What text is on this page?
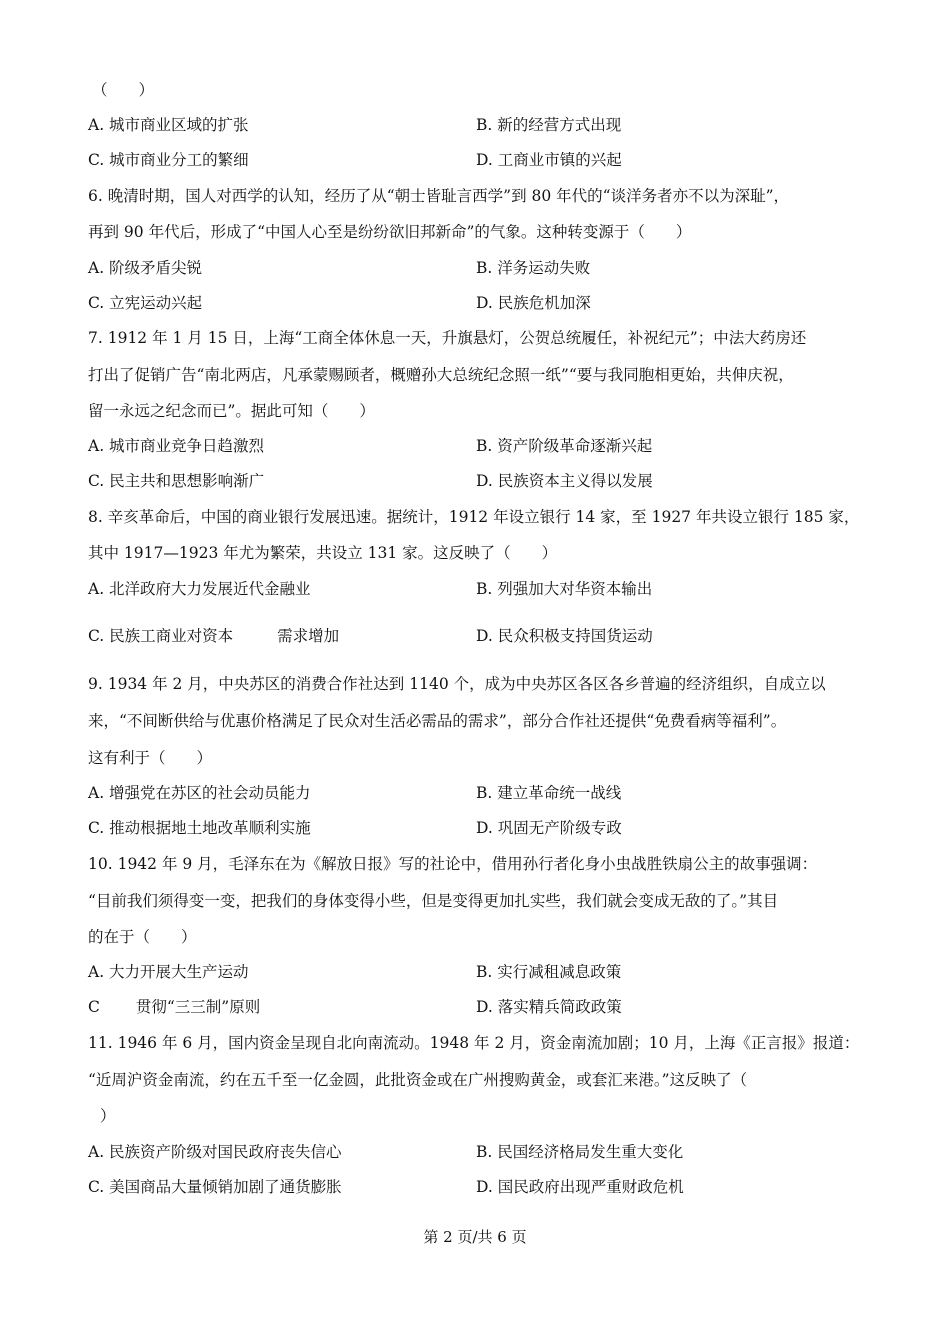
（　　）
A. 城市商业区域的扩张	B. 新的经营方式出现
C. 城市商业分工的繁细	D. 工商业市镇的兴起
6. 晚清时期，国人对西学的认知，经历了从“朝士皆耻言西学”到 80 年代的“谈洋务者亦不以为深耻”，
再到 90 年代后，形成了“中国人心至是纷纷欲旧邦新命”的气象。这种转变源于（　　）
A. 阶级矛盾尖锐	B. 洋务运动失败
C. 立宪运动兴起	D. 民族危机加深
7. 1912 年 1 月 15 日，上海“工商全体休息一天，升旗悬灯，公贺总统履任，补祝纪元”；中法大药房还
打出了促销广告“南北两店，凡承蒙赐顾者，概赠孙大总统纪念照一纸”“要与我同胞相更始，共伸庆祝，
留一永远之纪念而已”。据此可知（　　）
A. 城市商业竞争日趋激烈	B. 资产阶级革命逐渐兴起
C. 民主共和思想影响渐广	D. 民族资本主义得以发展
8. 辛亥革命后，中国的商业银行发展迅速。据统计，1912 年设立银行 14 家，至 1927 年共设立银行 185 家，
其中 1917—1923 年尤为繁荣，共设立 131 家。这反映了（　　）
A. 北洋政府大力发展近代金融业	B. 列强加大对华资本输出
C. 民族工商业对资本	需求增加	D. 民众积极支持国货运动
9. 1934 年 2 月，中央苏区的消费合作社达到 1140 个，成为中央苏区各区各乡普遍的经济组织，自成立以
来，“不间断供给与优惠价格满足了民众对生活必需品的需求”，部分合作社还提供“免费看病等福利”。
这有利于（　　）
A. 增强党在苏区的社会动员能力	B. 建立革命统一战线
C. 推动根据地土地改革顺利实施	D. 巩固无产阶级专政
10. 1942 年 9 月，毛泽东在为《解放日报》写的社论中，借用孙行者化身小虫战胜铁扇公主的故事强调：
“目前我们须得变一变，把我们的身体变得小些，但是变得更加扎实些，我们就会变成无敌的了。”其目
的在于（　　）
A. 大力开展大生产运动	B. 实行减租减息政策
C 贯彻“三三制”原则	D. 落实精兵简政政策
11. 1946 年 6 月，国内资金呈现自北向南流动。1948 年 2 月，资金南流加剧；10 月，上海《正言报》报道：
“近周沪资金南流，约在五千至一亿金圆，此批资金或在广州搜购黄金，或套汇来港。”这反映了（
）
A. 民族资产阶级对国民政府丧失信心	B. 民国经济格局发生重大变化
C. 美国商品大量倾销加剧了通货膨胀	D. 国民政府出现严重财政危机
第 2 页/共 6 页
